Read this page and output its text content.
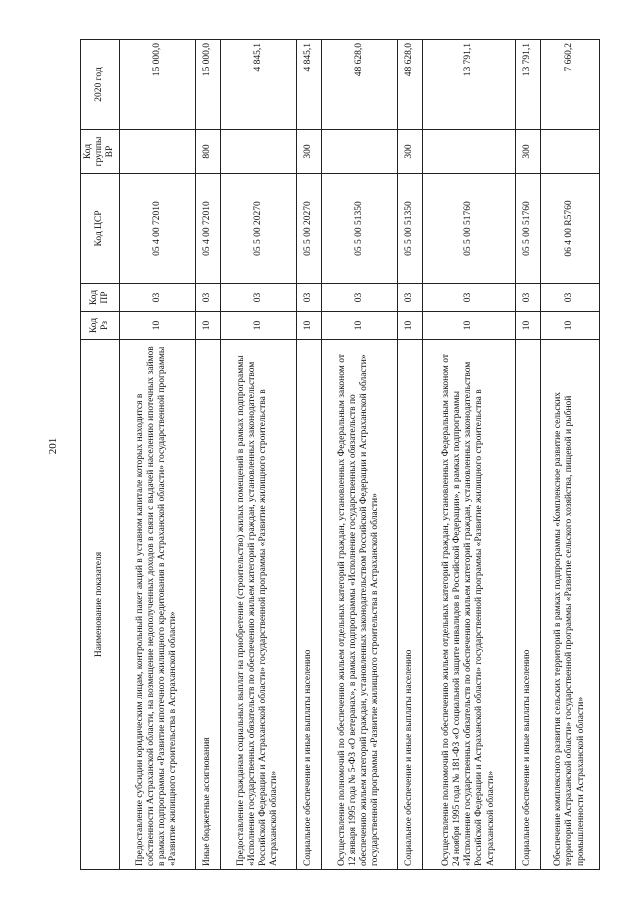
201
Наименование показателя	Код Рз	Код ПР	Код ЦСР	Код группы ВР	2020 год
Предоставление субсидии юридическим лицам, контрольный пакет акций в уставном капитале которых находится в собственности Астраханской области, на возмещение недополученных доходов в связи с выдачей населению ипотечных займов в рамках подпрограммы «Развитие ипотечного жилищного кредитования в Астраханской области» государственной программы «Развитие жилищного строительства в Астраханской области»	10	03	05 4 00 72010		15 000,0
Иные бюджетные ассигнования	10	03	05 4 00 72010	800	15 000,0
Предоставление гражданам социальных выплат на приобретение (строительство) жилых помещений в рамках подпрограммы «Исполнение государственных обязательств по обеспечению жильем категорий граждан, установленных законодательством Российской Федерации и Астраханской области» государственной программы «Развитие жилищного строительства в Астраханской области»	10	03	05 5 00 20270		4 845,1
Социальное обеспечение и иные выплаты населению	10	03	05 5 00 20270	300	4 845,1
Осуществление полномочий по обеспечению жильем отдельных категорий граждан, установленных Федеральным законом от 12 января 1995 года № 5-ФЗ «О ветеранах», в рамках подпрограммы «Исполнение государственных обязательств по обеспечению жильем категорий граждан, установленных законодательством Российской Федерации и Астраханской области» государственной программы «Развитие жилищного строительства в Астраханской области»	10	03	05 5 00 51350		48 628,0
Социальное обеспечение и иные выплаты населению	10	03	05 5 00 51350	300	48 628,0
Осуществление полномочий по обеспечению жильем отдельных категорий граждан, установленных Федеральным законом от 24 ноября 1995 года № 181-ФЗ «О социальной защите инвалидов в Российской Федерации», в рамках подпрограммы «Исполнение государственных обязательств по обеспечению жильем категорий граждан, установленных законодательством Российской Федерации и Астраханской области» государственной программы «Развитие жилищного строительства в Астраханской области»	10	03	05 5 00 51760		13 791,1
Социальное обеспечение и иные выплаты населению	10	03	05 5 00 51760	300	13 791,1
Обеспечение комплексного развития сельских территорий в рамках подпрограммы «Комплексное развитие сельских территорий Астраханской области» государственной программы «Развитие сельского хозяйства, пищевой и рыбной промышленности Астраханской области»	10	03	06 4 00 R5760		7 660,2
